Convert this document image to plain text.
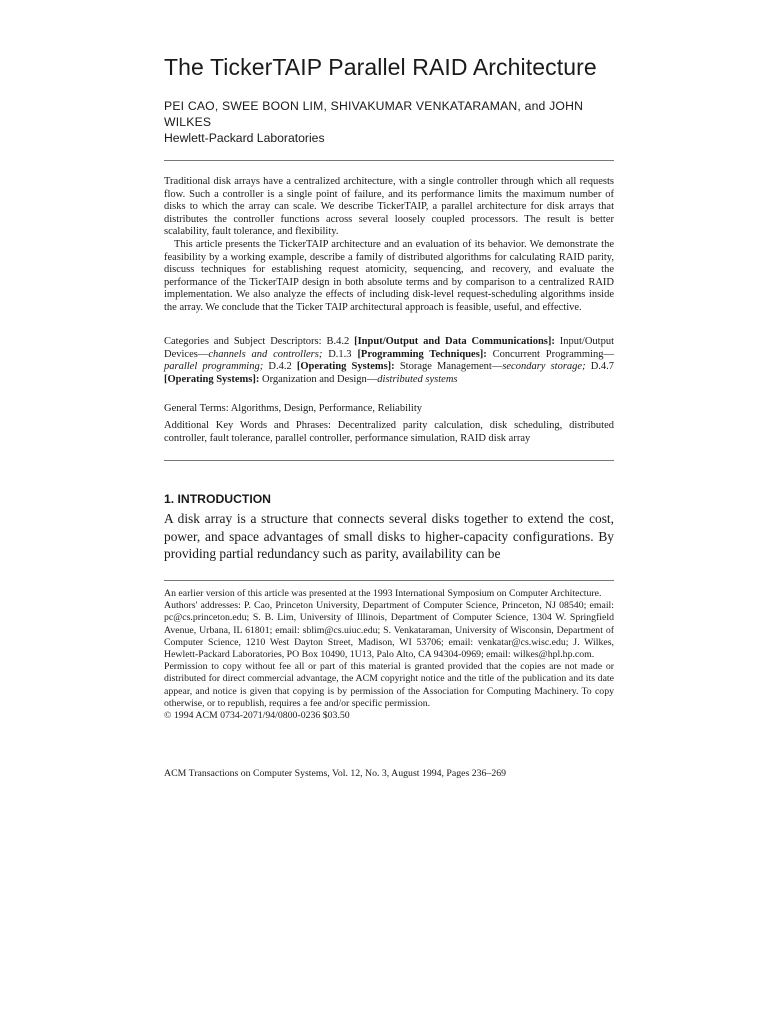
The TickerTAIP Parallel RAID Architecture
PEI CAO, SWEE BOON LIM, SHIVAKUMAR VENKATARAMAN, and JOHN WILKES
Hewlett-Packard Laboratories

Traditional disk arrays have a centralized architecture, with a single controller through which all requests flow. Such a controller is a single point of failure, and its performance limits the maximum number of disks to which the array can scale. We describe TickerTAIP, a parallel architecture for disk arrays that distributes the controller functions across several loosely coupled processors. The result is better scalability, fault tolerance, and flexibility.

This article presents the TickerTAIP architecture and an evaluation of its behavior. We demonstrate the feasibility by a working example, describe a family of distributed algorithms for calculating RAID parity, discuss techniques for establishing request atomicity, sequencing, and recovery, and evaluate the performance of the TickerTAIP design in both absolute terms and by comparison to a centralized RAID implementation. We also analyze the effects of including disk-level request-scheduling algorithms inside the array. We conclude that the Ticker TAIP architectural approach is feasible, useful, and effective.

Categories and Subject Descriptors: B.4.2 [Input/Output and Data Communications]: Input/Output Devices—channels and controllers; D.1.3 [Programming Techniques]: Concurrent Programming—parallel programming; D.4.2 [Operating Systems]: Storage Management—secondary storage; D.4.7 [Operating Systems]: Organization and Design—distributed systems

General Terms: Algorithms, Design, Performance, Reliability

Additional Key Words and Phrases: Decentralized parity calculation, disk scheduling, distributed controller, fault tolerance, parallel controller, performance simulation, RAID disk array

1. INTRODUCTION

A disk array is a structure that connects several disks together to extend the cost, power, and space advantages of small disks to higher-capacity configurations. By providing partial redundancy such as parity, availability can be

An earlier version of this article was presented at the 1993 International Symposium on Computer Architecture.

Authors' addresses: P. Cao, Princeton University, Department of Computer Science, Princeton, NJ 08540; email: pc@cs.princeton.edu; S. B. Lim, University of Illinois, Department of Computer Science, 1304 W. Springfield Avenue, Urbana, IL 61801; email: sblim@cs.uiuc.edu; S. Venkataraman, University of Wisconsin, Department of Computer Science, 1210 West Dayton Street, Madison, WI 53706; email: venkatar@cs.wisc.edu; J. Wilkes, Hewlett-Packard Laboratories, PO Box 10490, 1U13, Palo Alto, CA 94304-0969; email: wilkes@hpl.hp.com.

Permission to copy without fee all or part of this material is granted provided that the copies are not made or distributed for direct commercial advantage, the ACM copyright notice and the title of the publication and its date appear, and notice is given that copying is by permission of the Association for Computing Machinery. To copy otherwise, or to republish, requires a fee and/or specific permission.

© 1994 ACM 0734-2071/94/0800-0236 $03.50

ACM Transactions on Computer Systems, Vol. 12, No. 3, August 1994, Pages 236–269
